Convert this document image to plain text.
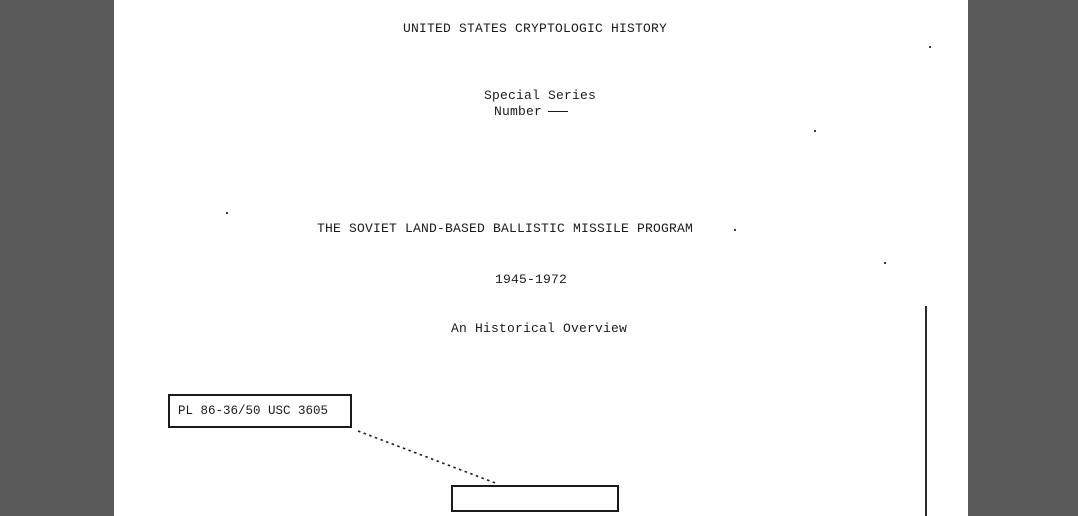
UNITED STATES CRYPTOLOGIC HISTORY
Special Series
Number
THE SOVIET LAND-BASED BALLISTIC MISSILE PROGRAM
1945-1972
An Historical Overview
PL 86-36/50 USC 3605
